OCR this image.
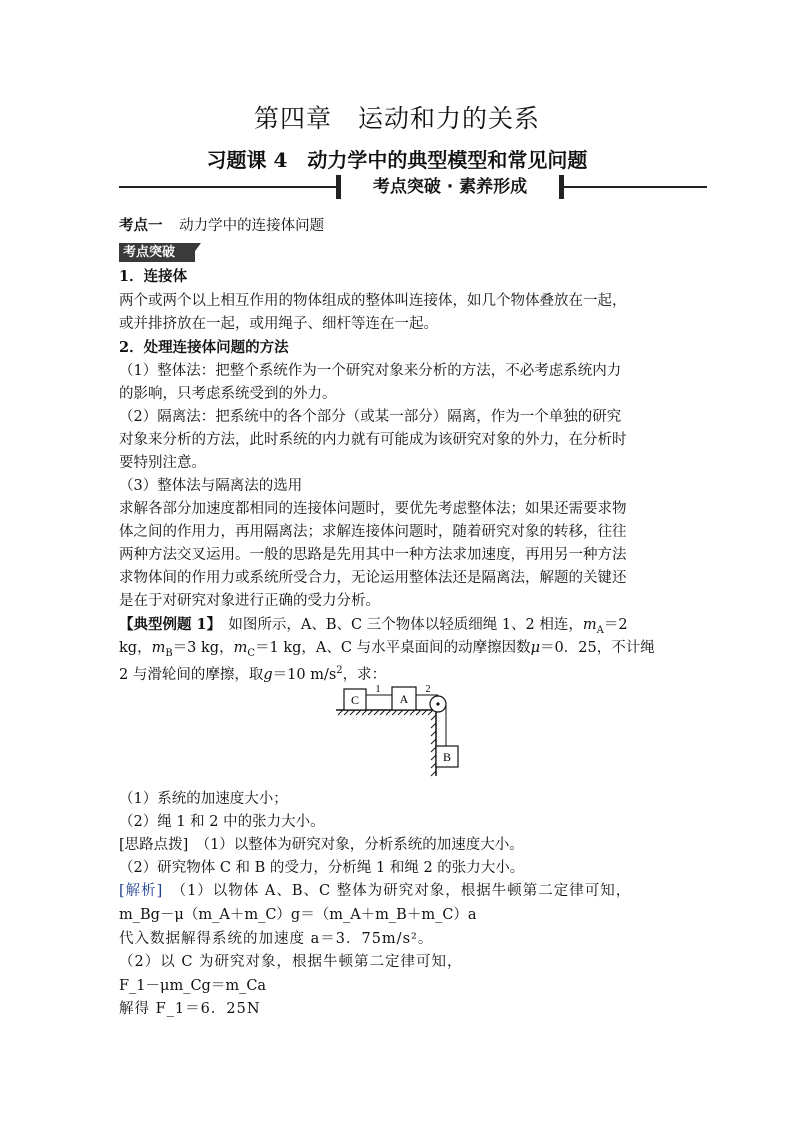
第四章　运动和力的关系
习题课 4　动力学中的典型模型和常见问题
考点突破 · 素养形成
考点一 动力学中的连接体问题
考点突破
1．连接体
两个或两个以上相互作用的物体组成的整体叫连接体，如几个物体叠放在一起，
或并排挤放在一起，或用绳子、细杆等连在一起。
2．处理连接体问题的方法
（1）整体法：把整个系统作为一个研究对象来分析的方法，不必考虑系统内力
的影响，只考虑系统受到的外力。
（2）隔离法：把系统中的各个部分（或某一部分）隔离，作为一个单独的研究
对象来分析的方法，此时系统的内力就有可能成为该研究对象的外力，在分析时
要特别注意。
（3）整体法与隔离法的选用
求解各部分加速度都相同的连接体问题时，要优先考虑整体法；如果还需要求物
体之间的作用力，再用隔离法；求解连接体问题时，随着研究对象的转移，往往
两种方法交叉运用。一般的思路是先用其中一种方法求加速度，再用另一种方法
求物体间的作用力或系统所受合力，无论运用整体法还是隔离法，解题的关键还
是在于对研究对象进行正确的受力分析。
【典型例题 1】　如图所示，A、B、C 三个物体以轻质细绳 1、2 相连，$m_A=2$
kg，$m_B=3$ kg，$m_C=1$ kg，A、C 与水平桌面间的动摩擦因数μ＝0．25，不计绳
2 与滑轮间的摩擦，取g＝10 $m/s^2$，求：
C
1
A
2
B
（1）系统的加速度大小；
（2）绳 1 和 2 中的张力大小。
[思路点拨]　（1）以整体为研究对象，分析系统的加速度大小。
（2）研究物体 C 和 B 的受力，分析绳 1 和绳 2 的张力大小。
[解析]　（1）以物体 A、B、C 整体为研究对象，根据牛顿第二定律可知，
m_Bg－μ（m_A＋m_C）g＝（m_A＋m_B＋m_C）a
代入数据解得系统的加速度 a＝3．75m/s²。
（2）以 C 为研究对象，根据牛顿第二定律可知，
F_1－μm_Cg＝m_Ca
解得 F_1＝6．25N
